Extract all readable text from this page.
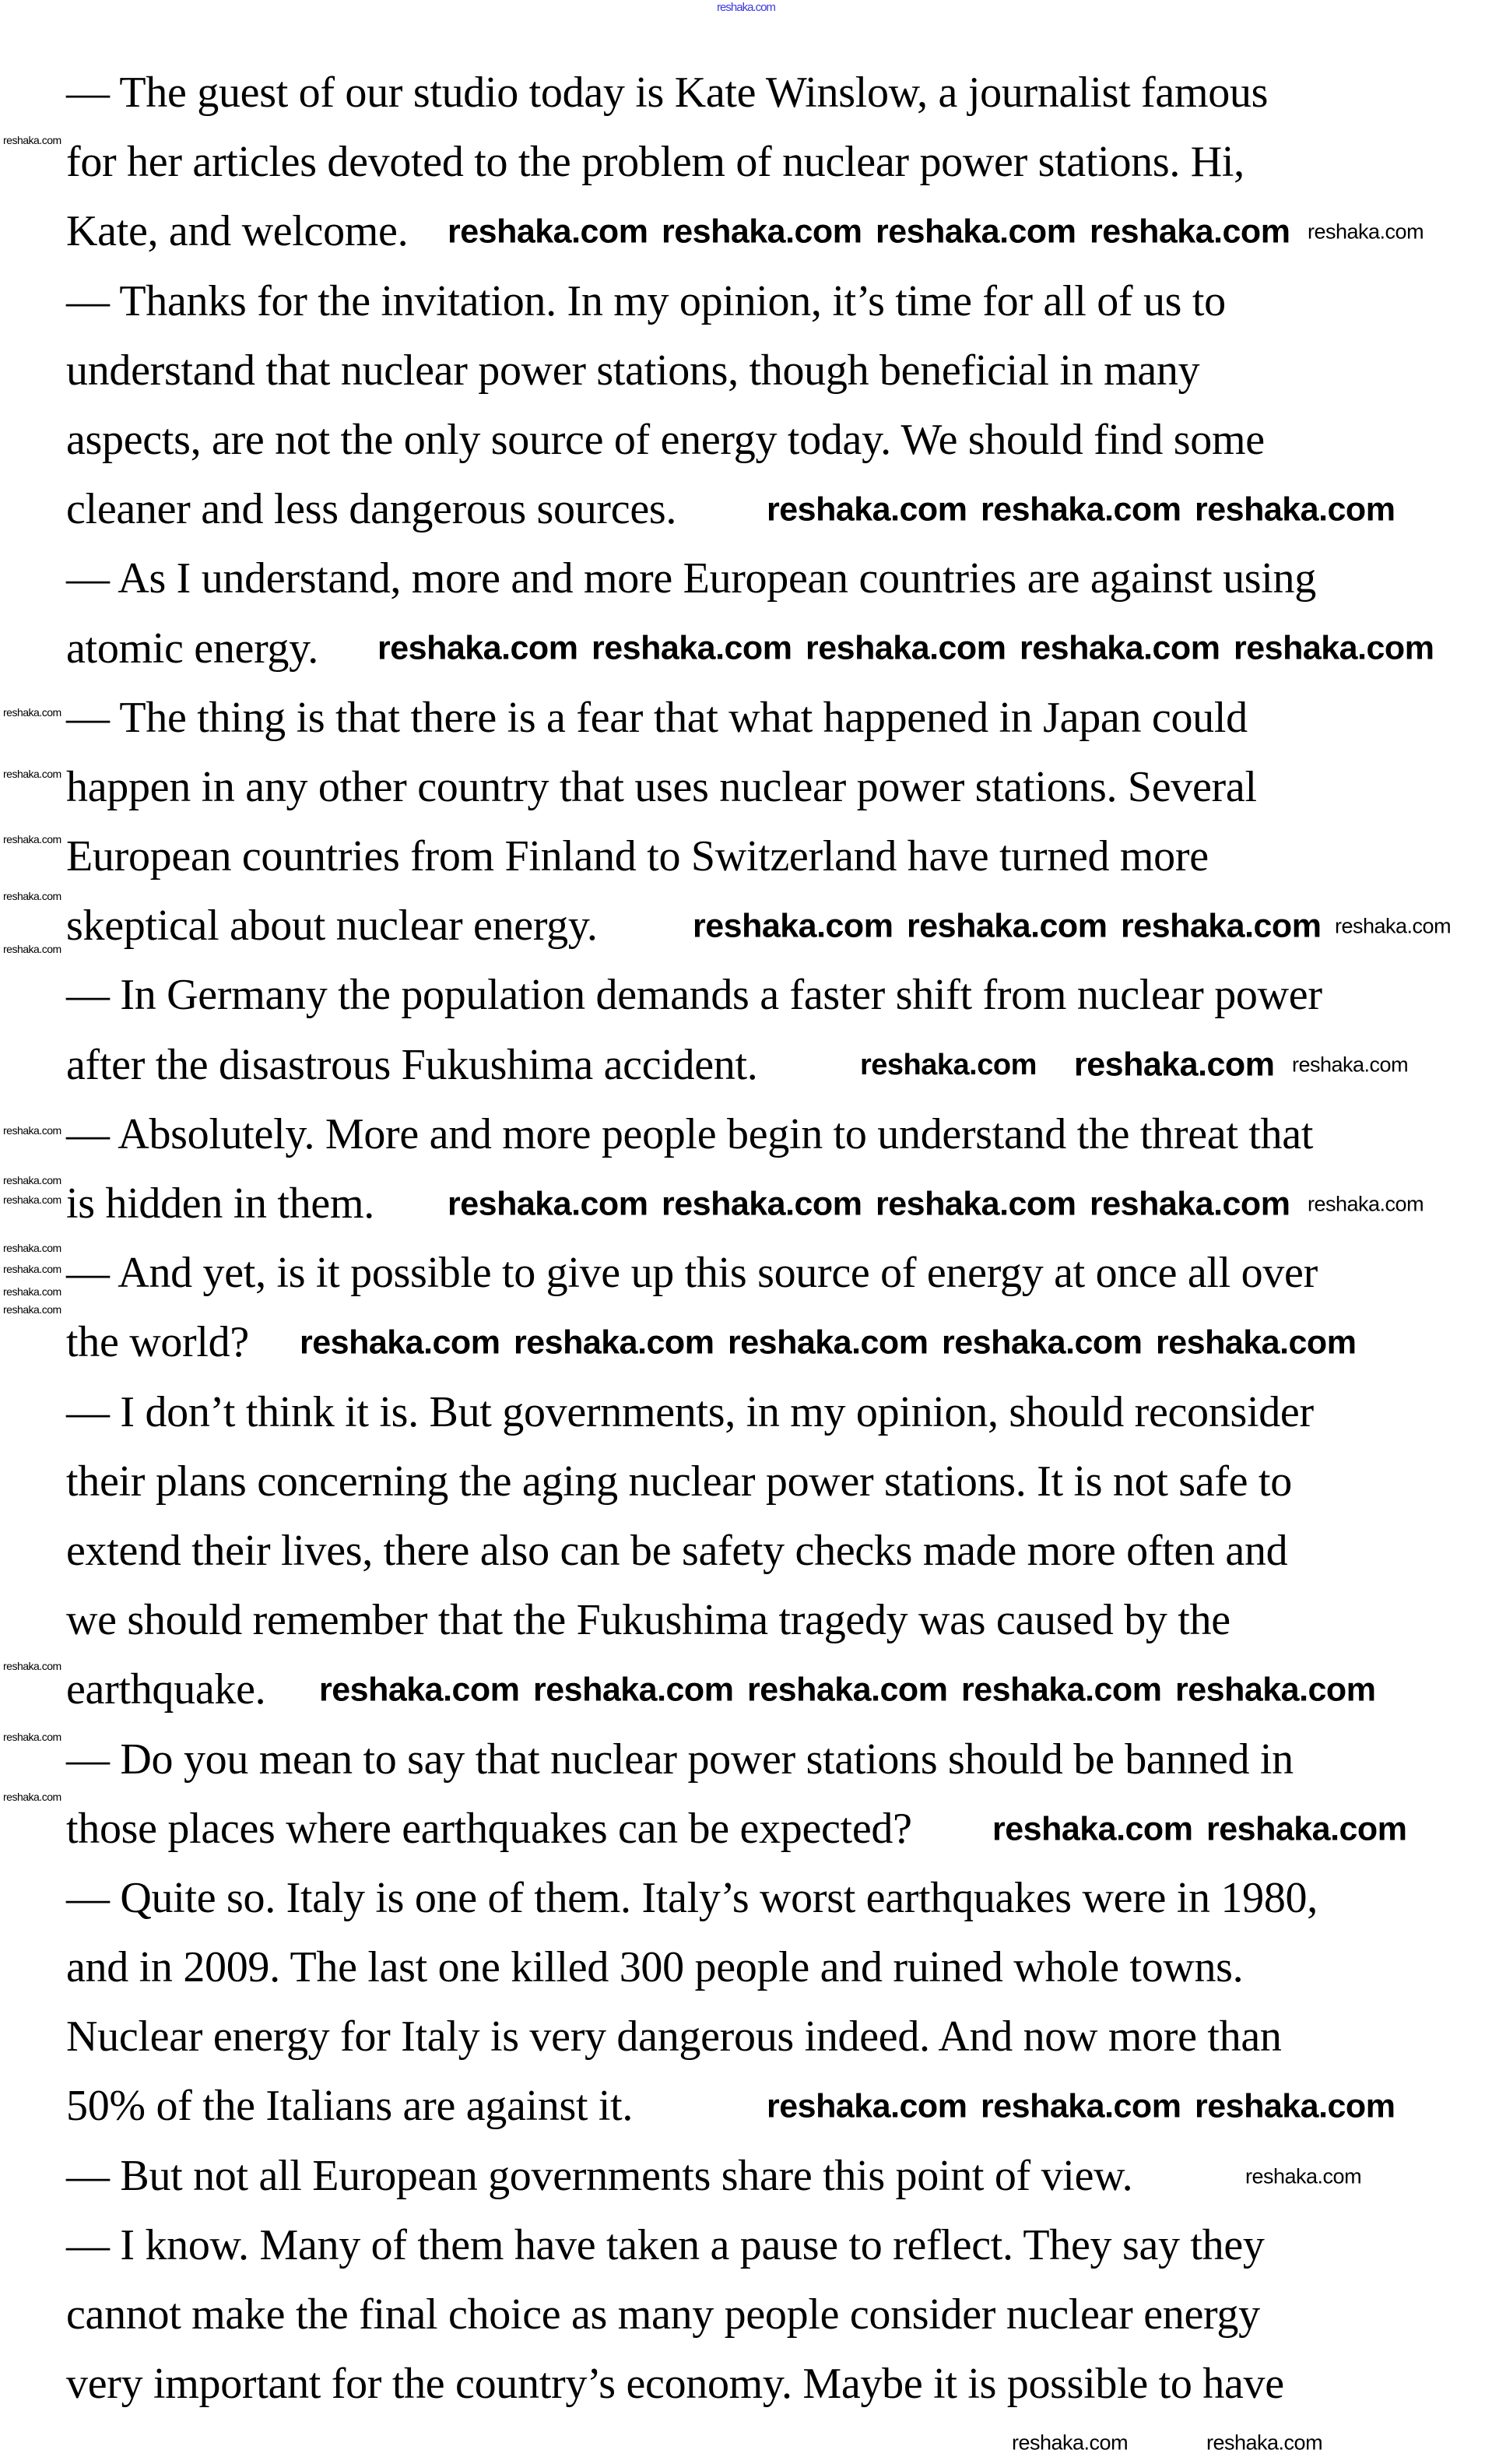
reshaka.com
— The guest of our studio today is Kate Winslow, a journalist famous
for her articles devoted to the problem of nuclear power stations. Hi,
Kate, and welcome.
— Thanks for the invitation. In my opinion, it’s time for all of us to
understand that nuclear power stations, though beneficial in many
aspects, are not the only source of energy today. We should find some
cleaner and less dangerous sources.
— As I understand, more and more European countries are against using
atomic energy.
— The thing is that there is a fear that what happened in Japan could
happen in any other country that uses nuclear power stations. Several
European countries from Finland to Switzerland have turned more
skeptical about nuclear energy.
— In Germany the population demands a faster shift from nuclear power
after the disastrous Fukushima accident.
— Absolutely. More and more people begin to understand the threat that
is hidden in them.
— And yet, is it possible to give up this source of energy at once all over
the world?
— I don’t think it is. But governments, in my opinion, should reconsider
their plans concerning the aging nuclear power stations. It is not safe to
extend their lives, there also can be safety checks made more often and
we should remember that the Fukushima tragedy was caused by the
earthquake.
— Do you mean to say that nuclear power stations should be banned in
those places where earthquakes can be expected?
— Quite so. Italy is one of them. Italy’s worst earthquakes were in 1980,
and in 2009. The last one killed 300 people and ruined whole towns.
Nuclear energy for Italy is very dangerous indeed. And now more than
50% of the Italians are against it.
— But not all European governments share this point of view.
— I know. Many of them have taken a pause to reflect. They say they
cannot make the final choice as many people consider nuclear energy
very important for the country’s economy. Maybe it is possible to have
reshaka.com reshaka.com reshaka.com reshaka.com reshaka.com
reshaka.com reshaka.com reshaka.com
reshaka.com reshaka.com reshaka.com reshaka.com reshaka.com
reshaka.com reshaka.com reshaka.com reshaka.com
reshaka.com reshaka.com reshaka.com
reshaka.com reshaka.com reshaka.com reshaka.com reshaka.com
reshaka.com reshaka.com reshaka.com reshaka.com reshaka.com
reshaka.com reshaka.com reshaka.com reshaka.com reshaka.com
reshaka.com reshaka.com
reshaka.com reshaka.com reshaka.com
reshaka.com
reshaka.com	reshaka.com
reshaka.com
reshaka.com
reshaka.com
reshaka.com
reshaka.com
reshaka.com
reshaka.com
reshaka.com
reshaka.com
reshaka.com
reshaka.com
reshaka.com
reshaka.com
reshaka.com
reshaka.com
reshaka.com
